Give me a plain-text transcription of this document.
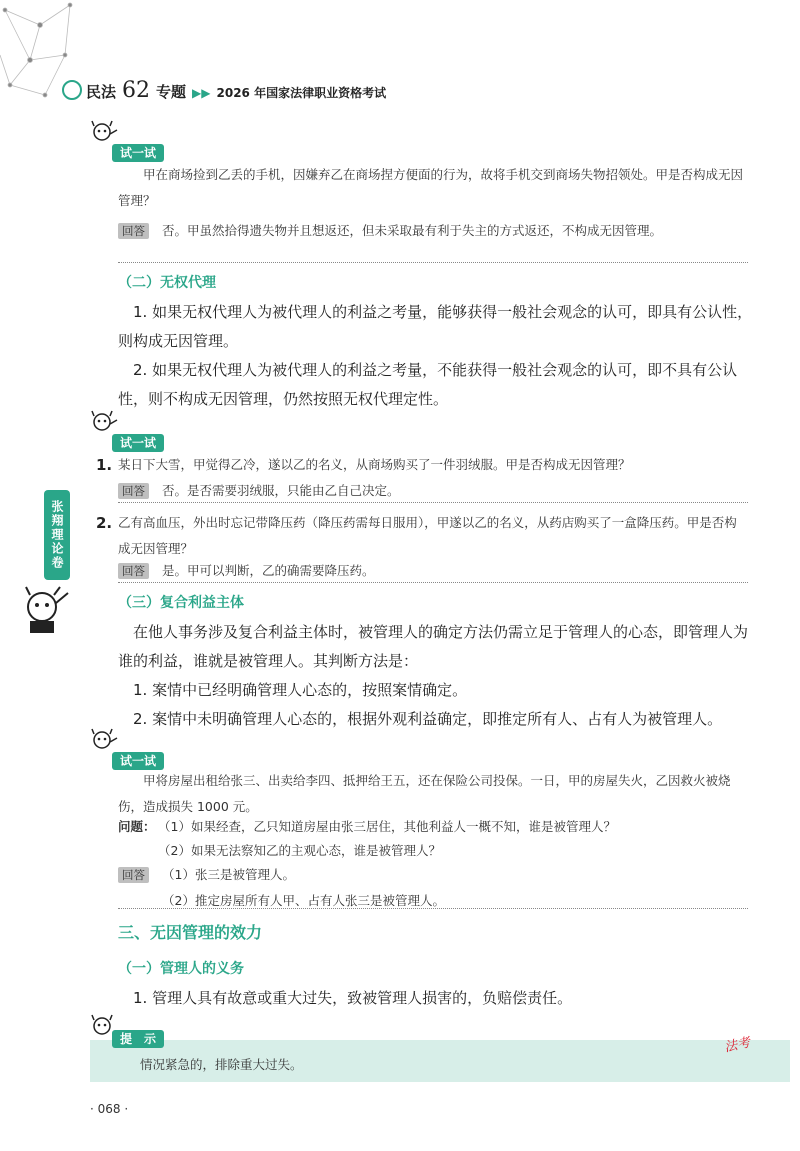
民法 62 专题 ▶▶ 2026 年国家法律职业资格考试
试一试
甲在商场捡到乙丢的手机，因嫌弃乙在商场捏方便面的行为，故将手机交到商场失物招领处。甲是否构成无因管理？
回答	否。甲虽然拾得遗失物并且想返还，但未采取最有利于失主的方式返还，不构成无因管理。
（二）无权代理
1. 如果无权代理人为被代理人的利益之考量，能够获得一般社会观念的认可，即具有公认性，则构成无因管理。
2. 如果无权代理人为被代理人的利益之考量，不能获得一般社会观念的认可，即不具有公认性，则不构成无因管理，仍然按照无权代理定性。
试一试
1. 某日下大雪，甲觉得乙冷，遂以乙的名义，从商场购买了一件羽绒服。甲是否构成无因管理？
回答	否。是否需要羽绒服，只能由乙自己决定。
2. 乙有高血压，外出时忘记带降压药（降压药需每日服用），甲遂以乙的名义，从药店购买了一盒降压药。甲是否构成无因管理？
回答	是。甲可以判断，乙的确需要降压药。
张翔理论卷
（三）复合利益主体
在他人事务涉及复合利益主体时，被管理人的确定方法仍需立足于管理人的心态，即管理人为谁的利益，谁就是被管理人。其判断方法是：
1. 案情中已经明确管理人心态的，按照案情确定。
2. 案情中未明确管理人心态的，根据外观利益确定，即推定所有人、占有人为被管理人。
试一试
甲将房屋出租给张三、出卖给李四、抵押给王五，还在保险公司投保。一日，甲的房屋失火，乙因救火被烧伤，造成损失 1000 元。
问题： （1）如果经查，乙只知道房屋由张三居住，其他利益人一概不知，谁是被管理人？
（2）如果无法察知乙的主观心态，谁是被管理人？
回答	（1）张三是被管理人。
（2）推定房屋所有人甲、占有人张三是被管理人。
三、无因管理的效力
（一）管理人的义务
1. 管理人具有故意或重大过失，致被管理人损害的，负赔偿责任。
提　示
情况紧急的，排除重大过失。
法考
· 068 ·
